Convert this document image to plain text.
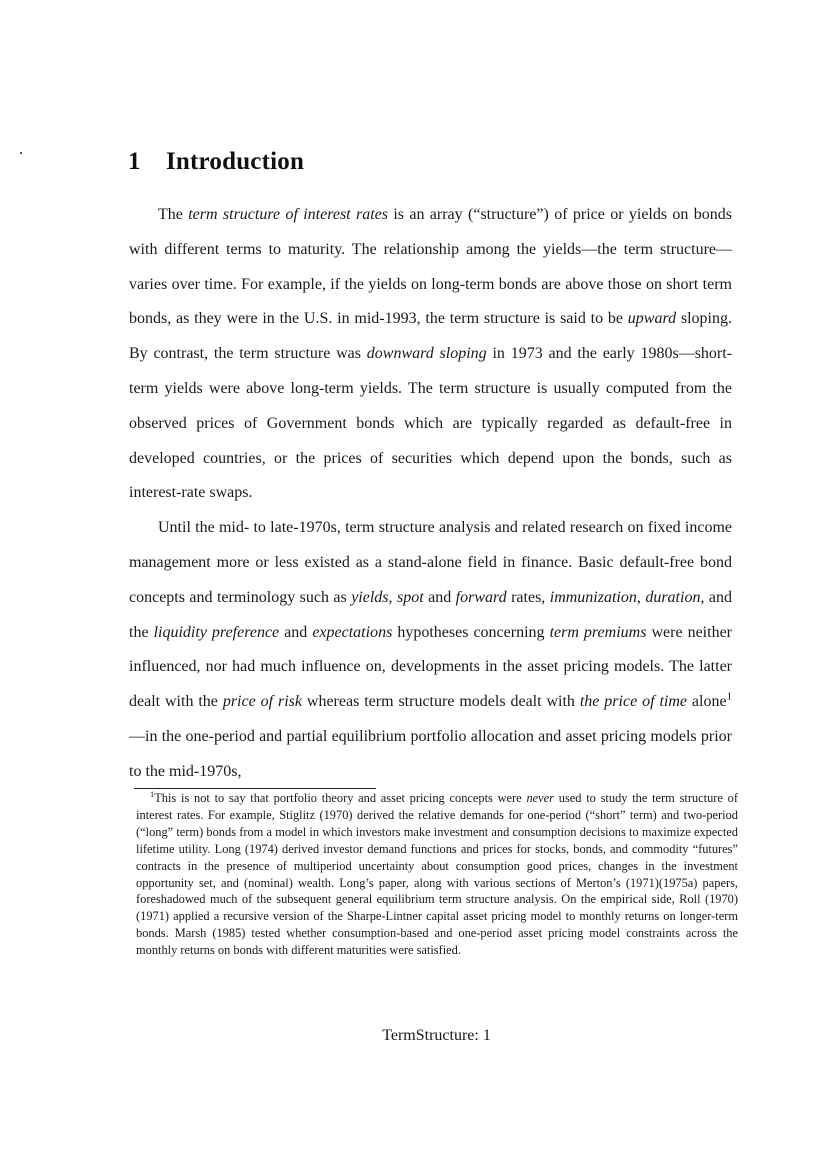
1 Introduction

The term structure of interest rates is an array (“structure”) of price or yields on bonds with different terms to maturity. The relationship among the yields—the term structure— varies over time. For example, if the yields on long-term bonds are above those on short term bonds, as they were in the U.S. in mid-1993, the term structure is said to be upward sloping. By contrast, the term structure was downward sloping in 1973 and the early 1980s—short-term yields were above long-term yields. The term structure is usually computed from the observed prices of Government bonds which are typically regarded as default-free in developed countries, or the prices of securities which depend upon the bonds, such as interest-rate swaps.

Until the mid- to late-1970s, term structure analysis and related research on fixed income management more or less existed as a stand-alone field in finance. Basic default-free bond concepts and terminology such as yields, spot and forward rates, immunization, duration, and the liquidity preference and expectations hypotheses concerning term premiums were neither influenced, nor had much influence on, developments in the asset pricing models. The latter dealt with the price of risk whereas term structure models dealt with the price of time alone$^1$—in the one-period and partial equilibrium portfolio allocation and asset pricing models prior to the mid-1970s,

$^1$This is not to say that portfolio theory and asset pricing concepts were never used to study the term structure of interest rates. For example, Stiglitz (1970) derived the relative demands for one-period (“short” term) and two-period (“long” term) bonds from a model in which investors make investment and consumption decisions to maximize expected lifetime utility. Long (1974) derived investor demand functions and prices for stocks, bonds, and commodity “futures” contracts in the presence of multiperiod uncertainty about consumption good prices, changes in the investment opportunity set, and (nominal) wealth. Long’s paper, along with various sections of Merton’s (1971)(1975a) papers, foreshadowed much of the subsequent general equilibrium term structure analysis. On the empirical side, Roll (1970)(1971) applied a recursive version of the Sharpe-Lintner capital asset pricing model to monthly returns on longer-term bonds. Marsh (1985) tested whether consumption-based and one-period asset pricing model constraints across the monthly returns on bonds with different maturities were satisfied.

TermStructure: 1
